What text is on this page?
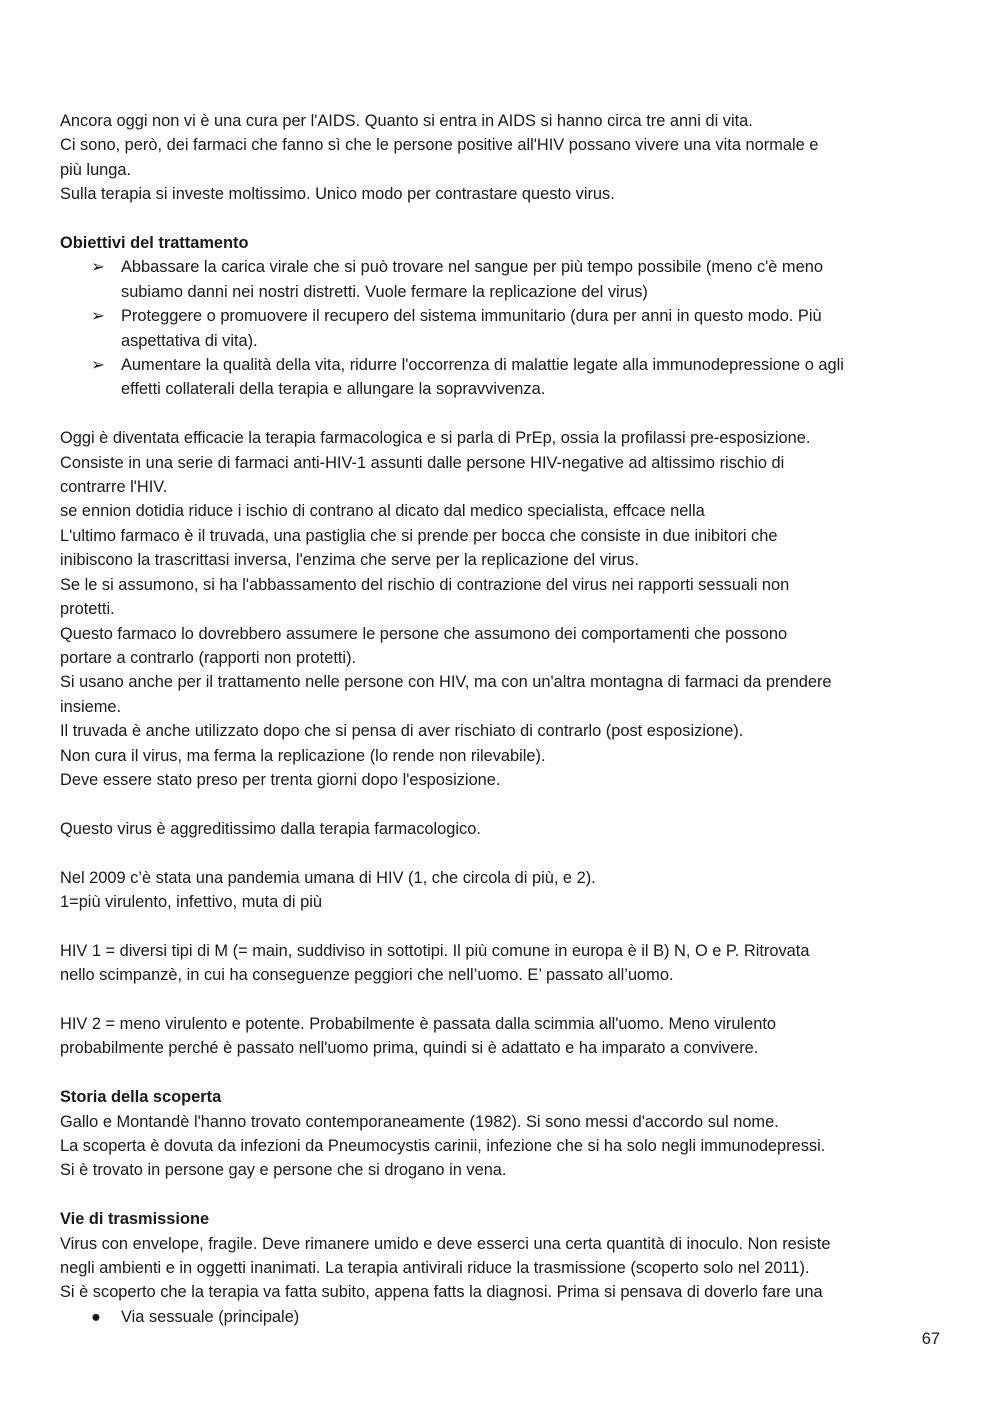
Ancora oggi non vi è una cura per l'AIDS. Quanto si entra in AIDS si hanno circa tre anni di vita.
Ci sono, però, dei farmaci che fanno sì che le persone positive all'HIV possano vivere una vita normale e
più lunga.
Sulla terapia si investe moltissimo. Unico modo per contrastare questo virus.
Obiettivi del trattamento
➢ Abbassare la carica virale che si può trovare nel sangue per più tempo possibile (meno c'è meno
subiamo danni nei nostri distretti. Vuole fermare la replicazione del virus)
➢ Proteggere o promuovere il recupero del sistema immunitario (dura per anni in questo modo. Più
aspettativa di vita).
➢ Aumentare la qualità della vita, ridurre l'occorrenza di malattie legate alla immunodepressione o agli
effetti collaterali della terapia e allungare la sopravvivenza.
Oggi è diventata efficacie la terapia farmacologica e si parla di PrEp, ossia la profilassi pre-esposizione.
Consiste in una serie di farmaci anti-HIV-1 assunti dalle persone HIV-negative ad altissimo rischio di
contrarre l'HIV.
se ennion dotidia riduce i ischio di contrano al dicato dal medico specialista, effcace nella
L'ultimo farmaco è il truvada, una pastiglia che si prende per bocca che consiste in due inibitori che
inibiscono la trascrittasi inversa, l'enzima che serve per la replicazione del virus.
Se le si assumono, si ha l'abbassamento del rischio di contrazione del virus nei rapporti sessuali non
protetti.
Questo farmaco lo dovrebbero assumere le persone che assumono dei comportamenti che possono
portare a contrarlo (rapporti non protetti).
Si usano anche per il trattamento nelle persone con HIV, ma con un'altra montagna di farmaci da prendere
insieme.
Il truvada è anche utilizzato dopo che si pensa di aver rischiato di contrarlo (post esposizione).
Non cura il virus, ma ferma la replicazione (lo rende non rilevabile).
Deve essere stato preso per trenta giorni dopo l'esposizione.
Questo virus è aggreditissimo dalla terapia farmacologico.
Nel 2009 c’è stata una pandemia umana di HIV (1, che circola di più, e 2).
1=più virulento, infettivo, muta di più
HIV 1 = diversi tipi di M (= main, suddiviso in sottotipi. Il più comune in europa è il B) N, O e P. Ritrovata
nello scimpanzè, in cui ha conseguenze peggiori che nell’uomo. E’ passato all’uomo.
HIV 2 = meno virulento e potente. Probabilmente è passata dalla scimmia all'uomo. Meno virulento
probabilmente perché è passato nell'uomo prima, quindi si è adattato e ha imparato a convivere.
Storia della scoperta
Gallo e Montandè l'hanno trovato contemporaneamente (1982). Si sono messi d'accordo sul nome.
La scoperta è dovuta da infezioni da Pneumocystis carinii, infezione che si ha solo negli immunodepressi.
Si è trovato in persone gay e persone che si drogano in vena.
Vie di trasmissione
Virus con envelope, fragile. Deve rimanere umido e deve esserci una certa quantità di inoculo. Non resiste
negli ambienti e in oggetti inanimati. La terapia antivirali riduce la trasmissione (scoperto solo nel 2011).
Si è scoperto che la terapia va fatta subito, appena fatts la diagnosi. Prima si pensava di doverlo fare una
● Via sessuale (principale)
67
